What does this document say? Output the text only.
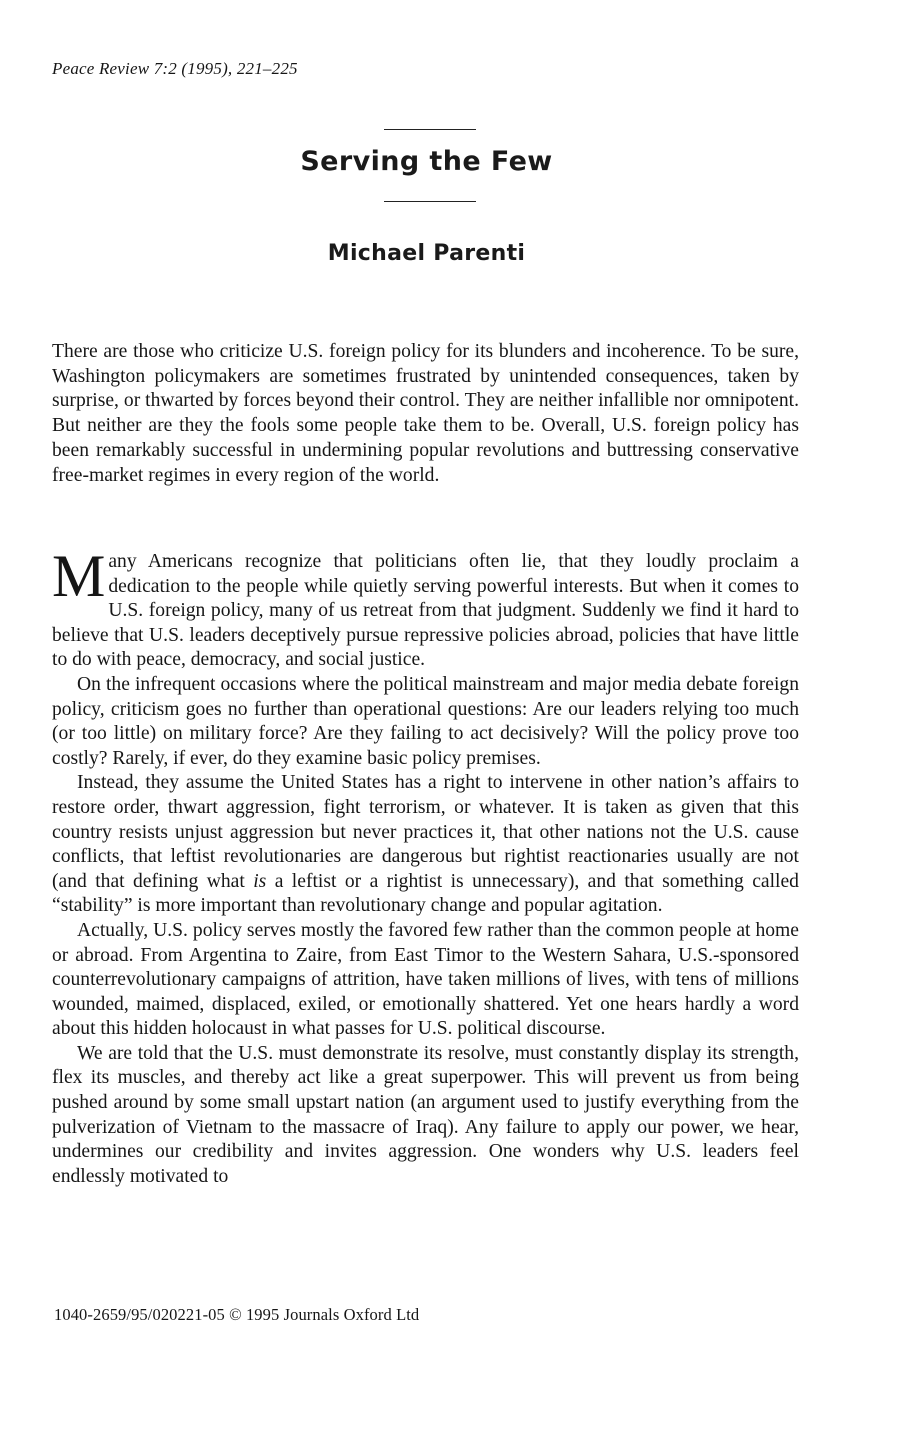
Peace Review 7:2 (1995), 221–225
Serving the Few
Michael Parenti

There are those who criticize U.S. foreign policy for its blunders and incoherence. To be sure, Washington policymakers are sometimes frustrated by unintended consequences, taken by surprise, or thwarted by forces beyond their control. They are neither infallible nor omnipotent. But neither are they the fools some people take them to be. Overall, U.S. foreign policy has been remarkably successful in undermining popular revolutions and buttressing conservative free-market regimes in every region of the world.

Many Americans recognize that politicians often lie, that they loudly proclaim a dedication to the people while quietly serving powerful interests. But when it comes to U.S. foreign policy, many of us retreat from that judgment. Suddenly we find it hard to believe that U.S. leaders deceptively pursue repressive policies abroad, policies that have little to do with peace, democracy, and social justice.

On the infrequent occasions where the political mainstream and major media debate foreign policy, criticism goes no further than operational questions: Are our leaders relying too much (or too little) on military force? Are they failing to act decisively? Will the policy prove too costly? Rarely, if ever, do they examine basic policy premises.

Instead, they assume the United States has a right to intervene in other nation’s affairs to restore order, thwart aggression, fight terrorism, or whatever. It is taken as given that this country resists unjust aggression but never practices it, that other nations not the U.S. cause conflicts, that leftist revolutionaries are dangerous but rightist reactionaries usually are not (and that defining what is a leftist or a rightist is unnecessary), and that something called “stability” is more important than revolutionary change and popular agitation.

Actually, U.S. policy serves mostly the favored few rather than the common people at home or abroad. From Argentina to Zaire, from East Timor to the Western Sahara, U.S.-sponsored counterrevolutionary campaigns of attrition, have taken millions of lives, with tens of millions wounded, maimed, displaced, exiled, or emotionally shattered. Yet one hears hardly a word about this hidden holocaust in what passes for U.S. political discourse.

We are told that the U.S. must demonstrate its resolve, must constantly display its strength, flex its muscles, and thereby act like a great superpower. This will prevent us from being pushed around by some small upstart nation (an argument used to justify everything from the pulverization of Vietnam to the massacre of Iraq). Any failure to apply our power, we hear, undermines our credibility and invites aggression. One wonders why U.S. leaders feel endlessly motivated to

1040-2659/95/020221-05 © 1995 Journals Oxford Ltd
